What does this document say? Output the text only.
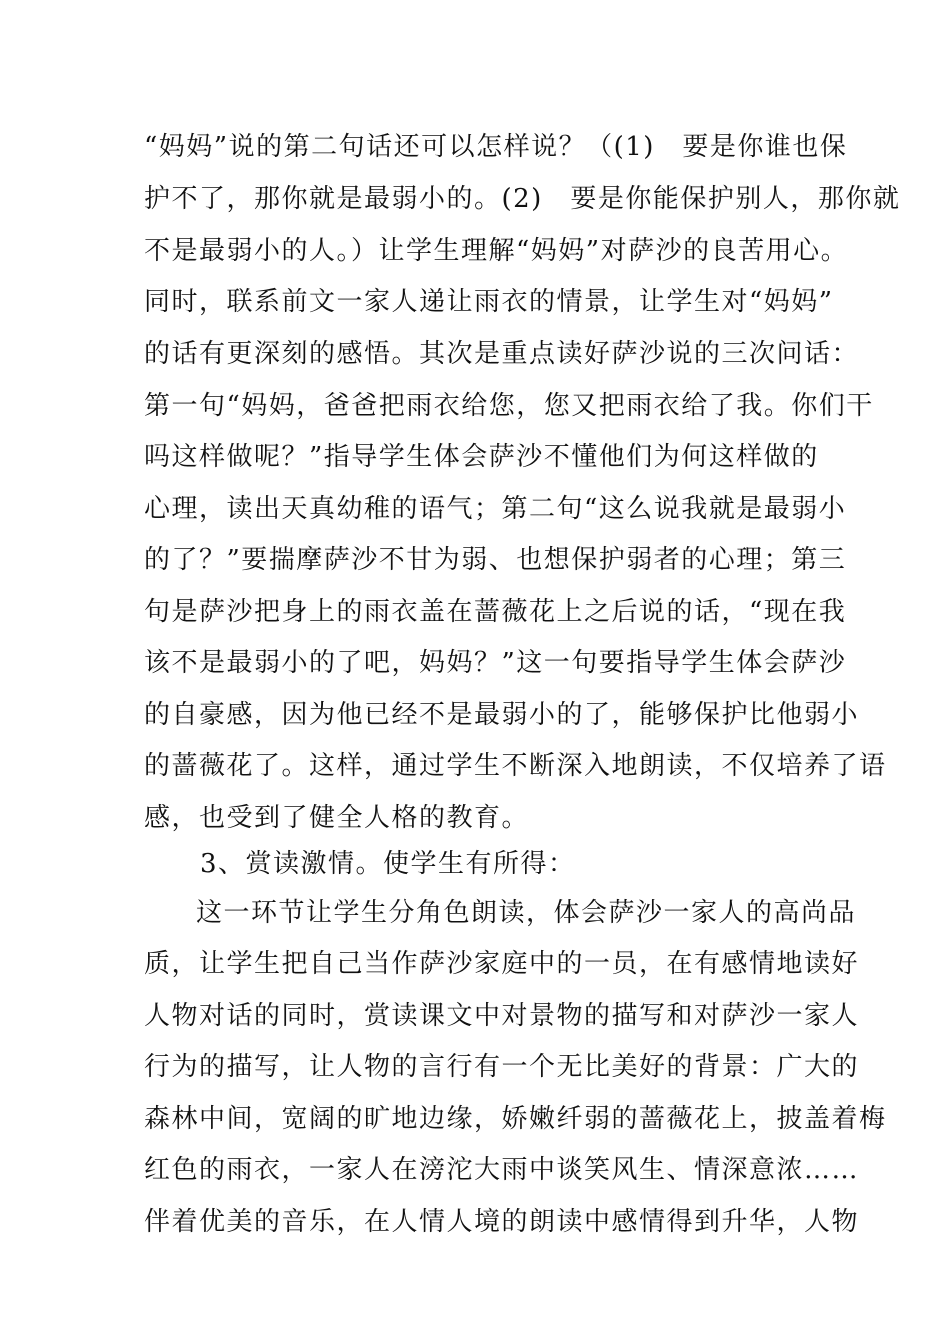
“妈妈”说的第二句话还可以怎样说？（(1)　要是你谁也保
护不了，那你就是最弱小的。(2)　要是你能保护别人，那你就
不是最弱小的人。）让学生理解“妈妈”对萨沙的良苦用心。
同时，联系前文一家人递让雨衣的情景，让学生对“妈妈”
的话有更深刻的感悟。其次是重点读好萨沙说的三次问话：
第一句“妈妈，爸爸把雨衣给您，您又把雨衣给了我。你们干
吗这样做呢？”指导学生体会萨沙不懂他们为何这样做的
心理，读出天真幼稚的语气；第二句“这么说我就是最弱小
的了？”要揣摩萨沙不甘为弱、也想保护弱者的心理；第三
句是萨沙把身上的雨衣盖在蔷薇花上之后说的话，“现在我
该不是最弱小的了吧，妈妈？”这一句要指导学生体会萨沙
的自豪感，因为他已经不是最弱小的了，能够保护比他弱小
的蔷薇花了。这样，通过学生不断深入地朗读，不仅培养了语
感，也受到了健全人格的教育。
3、赏读激情。使学生有所得：
这一环节让学生分角色朗读，体会萨沙一家人的高尚品
质，让学生把自己当作萨沙家庭中的一员，在有感情地读好
人物对话的同时，赏读课文中对景物的描写和对萨沙一家人
行为的描写，让人物的言行有一个无比美好的背景：广大的
森林中间，宽阔的旷地边缘，娇嫩纤弱的蔷薇花上，披盖着梅
红色的雨衣，一家人在滂沱大雨中谈笑风生、情深意浓……
伴着优美的音乐，在人情人境的朗读中感情得到升华，人物
